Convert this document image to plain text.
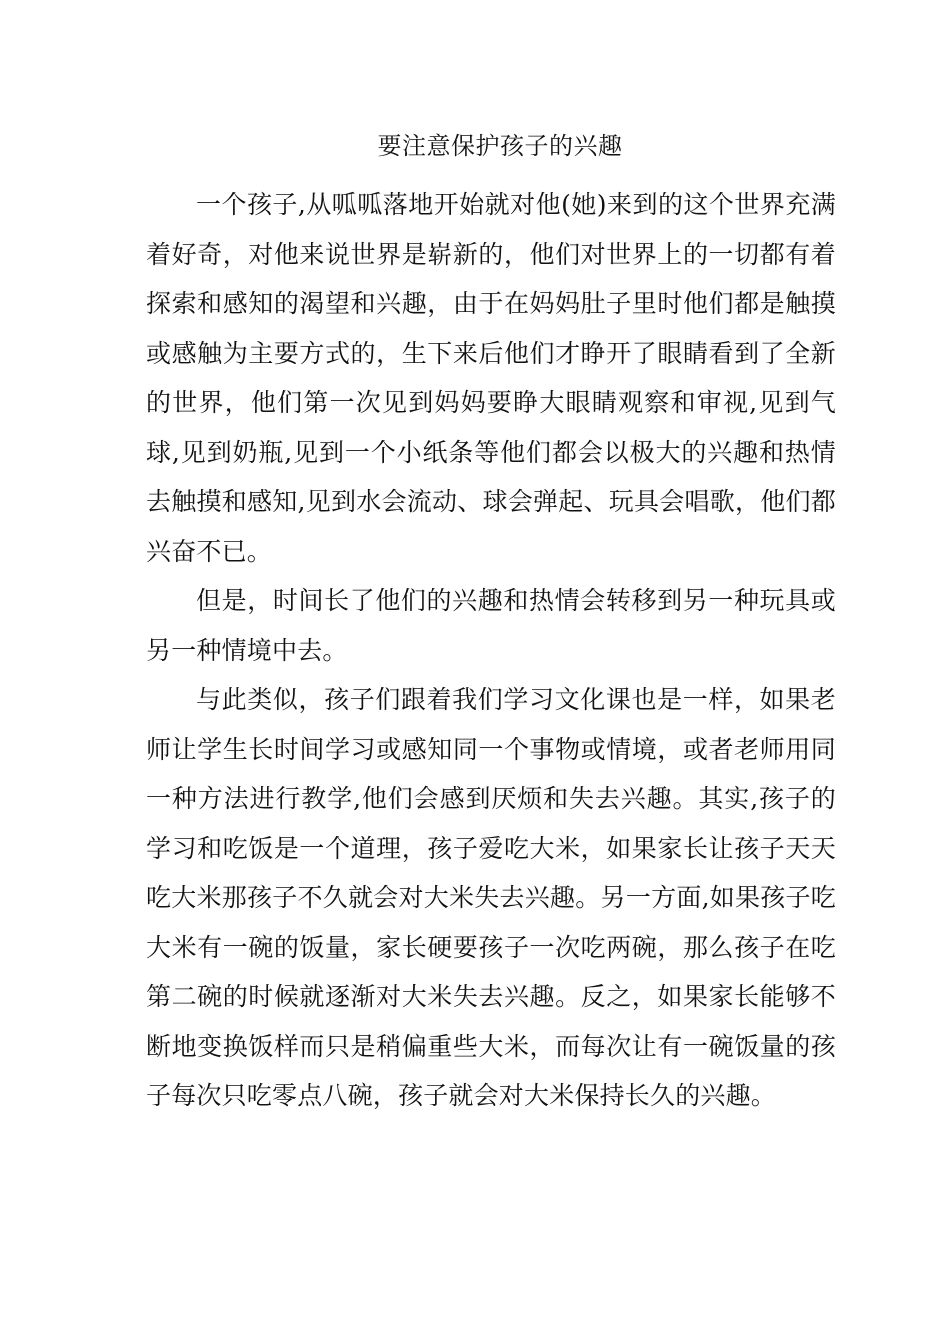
要注意保护孩子的兴趣

一个孩子,从呱呱落地开始就对他(她)来到的这个世界充满着好奇，对他来说世界是崭新的，他们对世界上的一切都有着探索和感知的渴望和兴趣，由于在妈妈肚子里时他们都是触摸或感触为主要方式的，生下来后他们才睁开了眼睛看到了全新的世界，他们第一次见到妈妈要睁大眼睛观察和审视,见到气球,见到奶瓶,见到一个小纸条等他们都会以极大的兴趣和热情去触摸和感知,见到水会流动、球会弹起、玩具会唱歌，他们都兴奋不已。

但是，时间长了他们的兴趣和热情会转移到另一种玩具或另一种情境中去。

与此类似，孩子们跟着我们学习文化课也是一样，如果老师让学生长时间学习或感知同一个事物或情境，或者老师用同一种方法进行教学,他们会感到厌烦和失去兴趣。其实,孩子的学习和吃饭是一个道理，孩子爱吃大米，如果家长让孩子天天吃大米那孩子不久就会对大米失去兴趣。另一方面,如果孩子吃大米有一碗的饭量，家长硬要孩子一次吃两碗，那么孩子在吃第二碗的时候就逐渐对大米失去兴趣。反之，如果家长能够不断地变换饭样而只是稍偏重些大米，而每次让有一碗饭量的孩子每次只吃零点八碗，孩子就会对大米保持长久的兴趣。
